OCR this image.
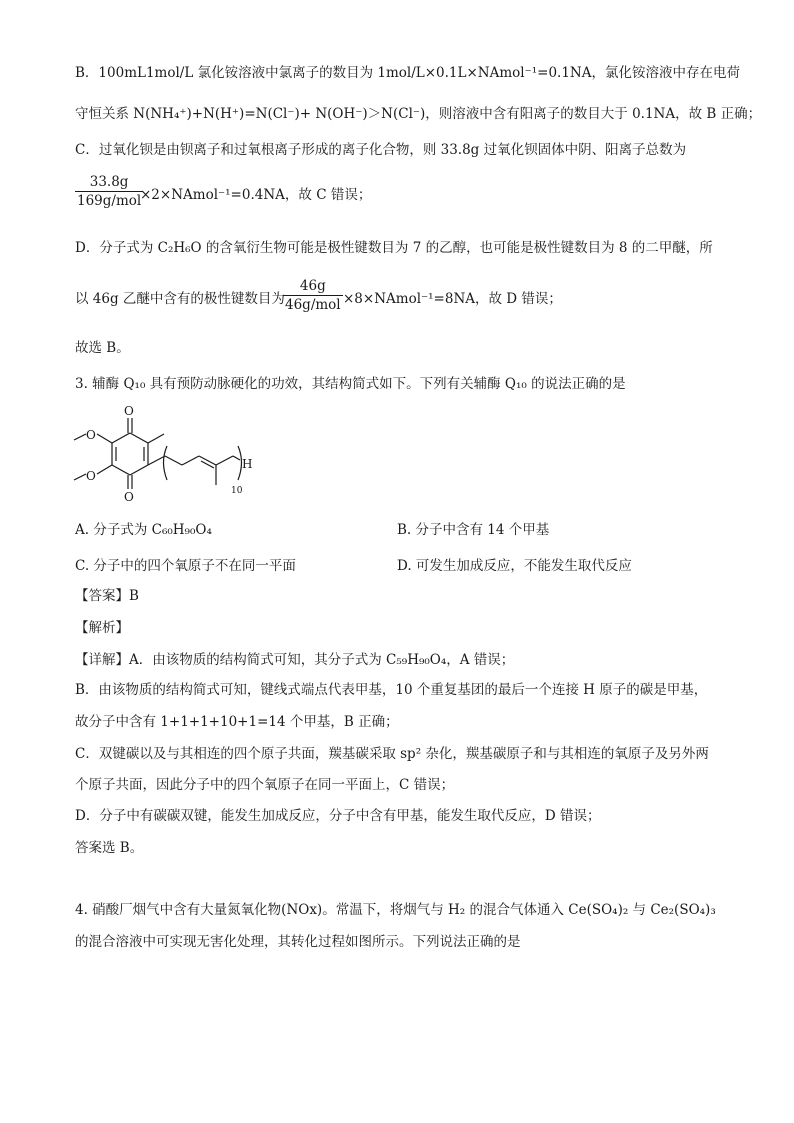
B．100mL1mol/L 氯化铵溶液中氯离子的数目为 1mol/L×0.1L×NAmol⁻¹=0.1NA，氯化铵溶液中存在电荷
守恒关系 N(NH₄⁺)+N(H⁺)=N(Cl⁻)+ N(OH⁻)＞N(Cl⁻)，则溶液中含有阳离子的数目大于 0.1NA，故 B 正确；
C．过氧化钡是由钡离子和过氧根离子形成的离子化合物，则 33.8g 过氧化钡固体中阴、阳离子总数为
33.8g
169g/mol
×2×NAmol⁻¹=0.4NA，故 C 错误；
D．分子式为 C₂H₆O 的含氧衍生物可能是极性键数目为 7 的乙醇，也可能是极性键数目为 8 的二甲醚，所
以 46g 乙醚中含有的极性键数目为
46g
46g/mol ×8×NAmol⁻¹=8NA，故 D 错误；
故选 B。
3. 辅酶 Q₁₀ 具有预防动脉硬化的功效，其结构简式如下。下列有关辅酶 Q₁₀ 的说法正确的是
O
O
O
O
H
10
A. 分子式为 C₆₀H₉₀O₄	B. 分子中含有 14 个甲基
C. 分子中的四个氧原子不在同一平面	D. 可发生加成反应，不能发生取代反应
【答案】B
【解析】
【详解】A．由该物质的结构简式可知，其分子式为 C₅₉H₉₀O₄，A 错误；
B．由该物质的结构简式可知，键线式端点代表甲基，10 个重复基团的最后一个连接 H 原子的碳是甲基，
故分子中含有 1+1+1+10+1=14 个甲基，B 正确；
C．双键碳以及与其相连的四个原子共面，羰基碳采取 sp² 杂化，羰基碳原子和与其相连的氧原子及另外两
个原子共面，因此分子中的四个氧原子在同一平面上，C 错误；
D．分子中有碳碳双键，能发生加成反应，分子中含有甲基，能发生取代反应，D 错误；
答案选 B。
4. 硝酸厂烟气中含有大量氮氧化物(NOx)。常温下，将烟气与 H₂ 的混合气体通入 Ce(SO₄)₂ 与 Ce₂(SO₄)₃
的混合溶液中可实现无害化处理，其转化过程如图所示。下列说法正确的是
